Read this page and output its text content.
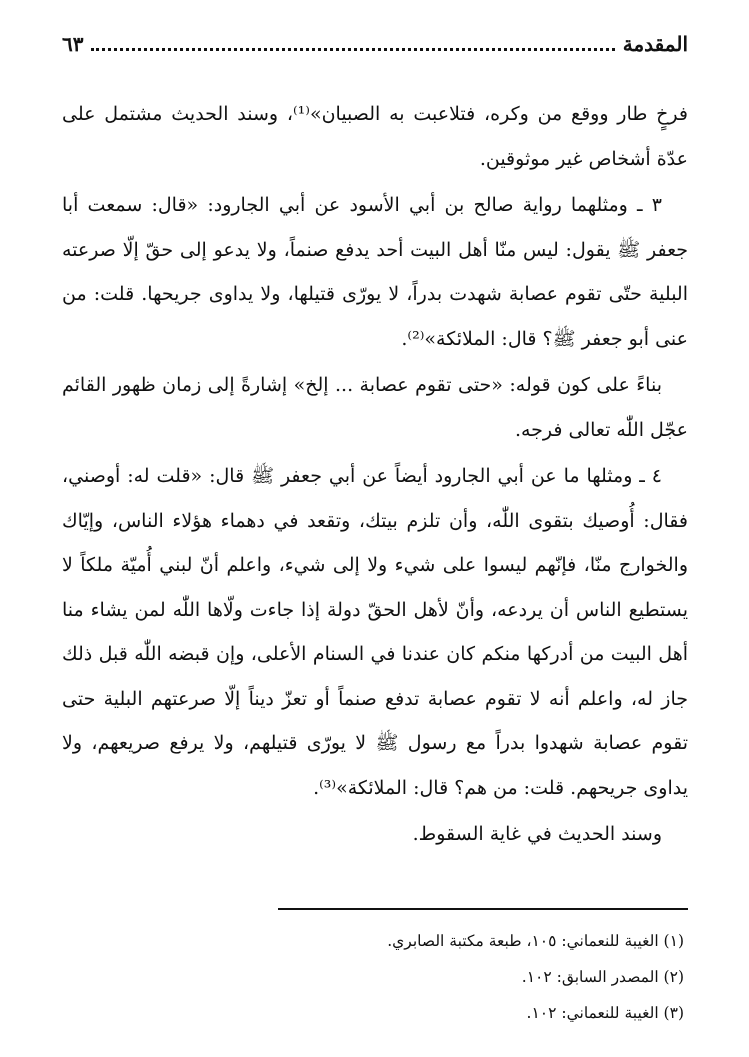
المقدمة
٦٣

فرخٍ طار ووقع من وكره، فتلاعبت به الصبيان»⁽¹⁾، وسند الحديث مشتمل على عدّة أشخاص غير موثوقين.

٣ ـ ومثلهما رواية صالح بن أبي الأسود عن أبي الجارود: «قال: سمعت أبا جعفر ﷺ يقول: ليس منّا أهل البيت أحد يدفع صنماً، ولا يدعو إلى حقّ إلّا صرعته البلية حتّى تقوم عصابة شهدت بدراً، لا يورّى قتيلها، ولا يداوى جريحها. قلت: من عنى أبو جعفر ﷺ؟ قال: الملائكة»⁽²⁾.

بناءً على كون قوله: «حتى تقوم عصابة ... إلخ» إشارةً إلى زمان ظهور القائم عجّل اللّٰه تعالى فرجه.

٤ ـ ومثلها ما عن أبي الجارود أيضاً عن أبي جعفر ﷺ قال: «قلت له: أوصني، فقال: أُوصيك بتقوى اللّٰه، وأن تلزم بيتك، وتقعد في دهماء هؤلاء الناس، وإيّاك والخوارج منّا، فإنّهم ليسوا على شيء ولا إلى شيء، واعلم أنّ لبني أُميّة ملكاً لا يستطيع الناس أن يردعه، وأنّ لأهل الحقّ دولة إذا جاءت ولّاها اللّٰه لمن يشاء منا أهل البيت من أدركها منكم كان عندنا في السنام الأعلى، وإن قبضه اللّٰه قبل ذلك جاز له، واعلم أنه لا تقوم عصابة تدفع صنماً أو تعزّ ديناً إلّا صرعتهم البلية حتى تقوم عصابة شهدوا بدراً مع رسول ﷺ لا يورّى قتيلهم، ولا يرفع صريعهم، ولا يداوى جريحهم. قلت: من هم؟ قال: الملائكة»⁽³⁾.

وسند الحديث في غاية السقوط.

(١) الغيبة للنعماني: ١٠٥، طبعة مكتبة الصابري.
(٢) المصدر السابق: ١٠٢.
(٣) الغيبة للنعماني: ١٠٢.
